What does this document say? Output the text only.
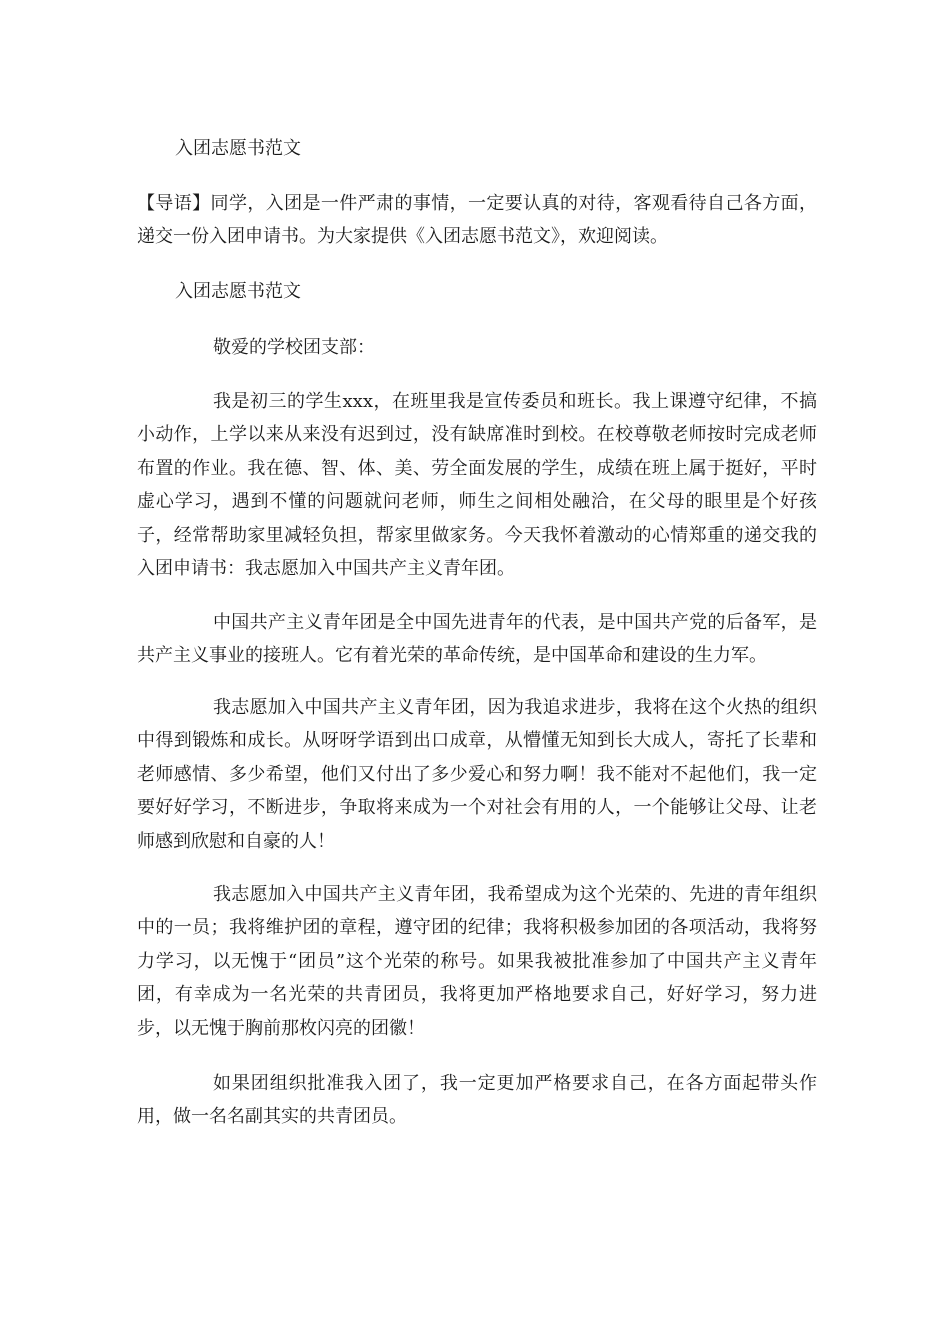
入团志愿书范文

【导语】同学，入团是一件严肃的事情，一定要认真的对待，客观看待自己各方面，递交一份入团申请书。为大家提供《入团志愿书范文》，欢迎阅读。

入团志愿书范文

敬爱的学校团支部：

我是初三的学生xxx，在班里我是宣传委员和班长。我上课遵守纪律，不搞小动作，上学以来从来没有迟到过，没有缺席准时到校。在校尊敬老师按时完成老师布置的作业。我在德、智、体、美、劳全面发展的学生，成绩在班上属于挺好，平时虚心学习，遇到不懂的问题就问老师，师生之间相处融洽，在父母的眼里是个好孩子，经常帮助家里减轻负担，帮家里做家务。今天我怀着激动的心情郑重的递交我的入团申请书：我志愿加入中国共产主义青年团。

中国共产主义青年团是全中国先进青年的代表，是中国共产党的后备军，是共产主义事业的接班人。它有着光荣的革命传统，是中国革命和建设的生力军。

我志愿加入中国共产主义青年团，因为我追求进步，我将在这个火热的组织中得到锻炼和成长。从呀呀学语到出口成章，从懵懂无知到长大成人，寄托了长辈和老师感情、多少希望，他们又付出了多少爱心和努力啊！我不能对不起他们，我一定要好好学习，不断进步，争取将来成为一个对社会有用的人，一个能够让父母、让老师感到欣慰和自豪的人！

我志愿加入中国共产主义青年团，我希望成为这个光荣的、先进的青年组织中的一员；我将维护团的章程，遵守团的纪律；我将积极参加团的各项活动，我将努力学习，以无愧于“团员”这个光荣的称号。如果我被批准参加了中国共产主义青年团，有幸成为一名光荣的共青团员，我将更加严格地要求自己，好好学习，努力进步，以无愧于胸前那枚闪亮的团徽！

如果团组织批准我入团了，我一定更加严格要求自己，在各方面起带头作用，做一名名副其实的共青团员。
